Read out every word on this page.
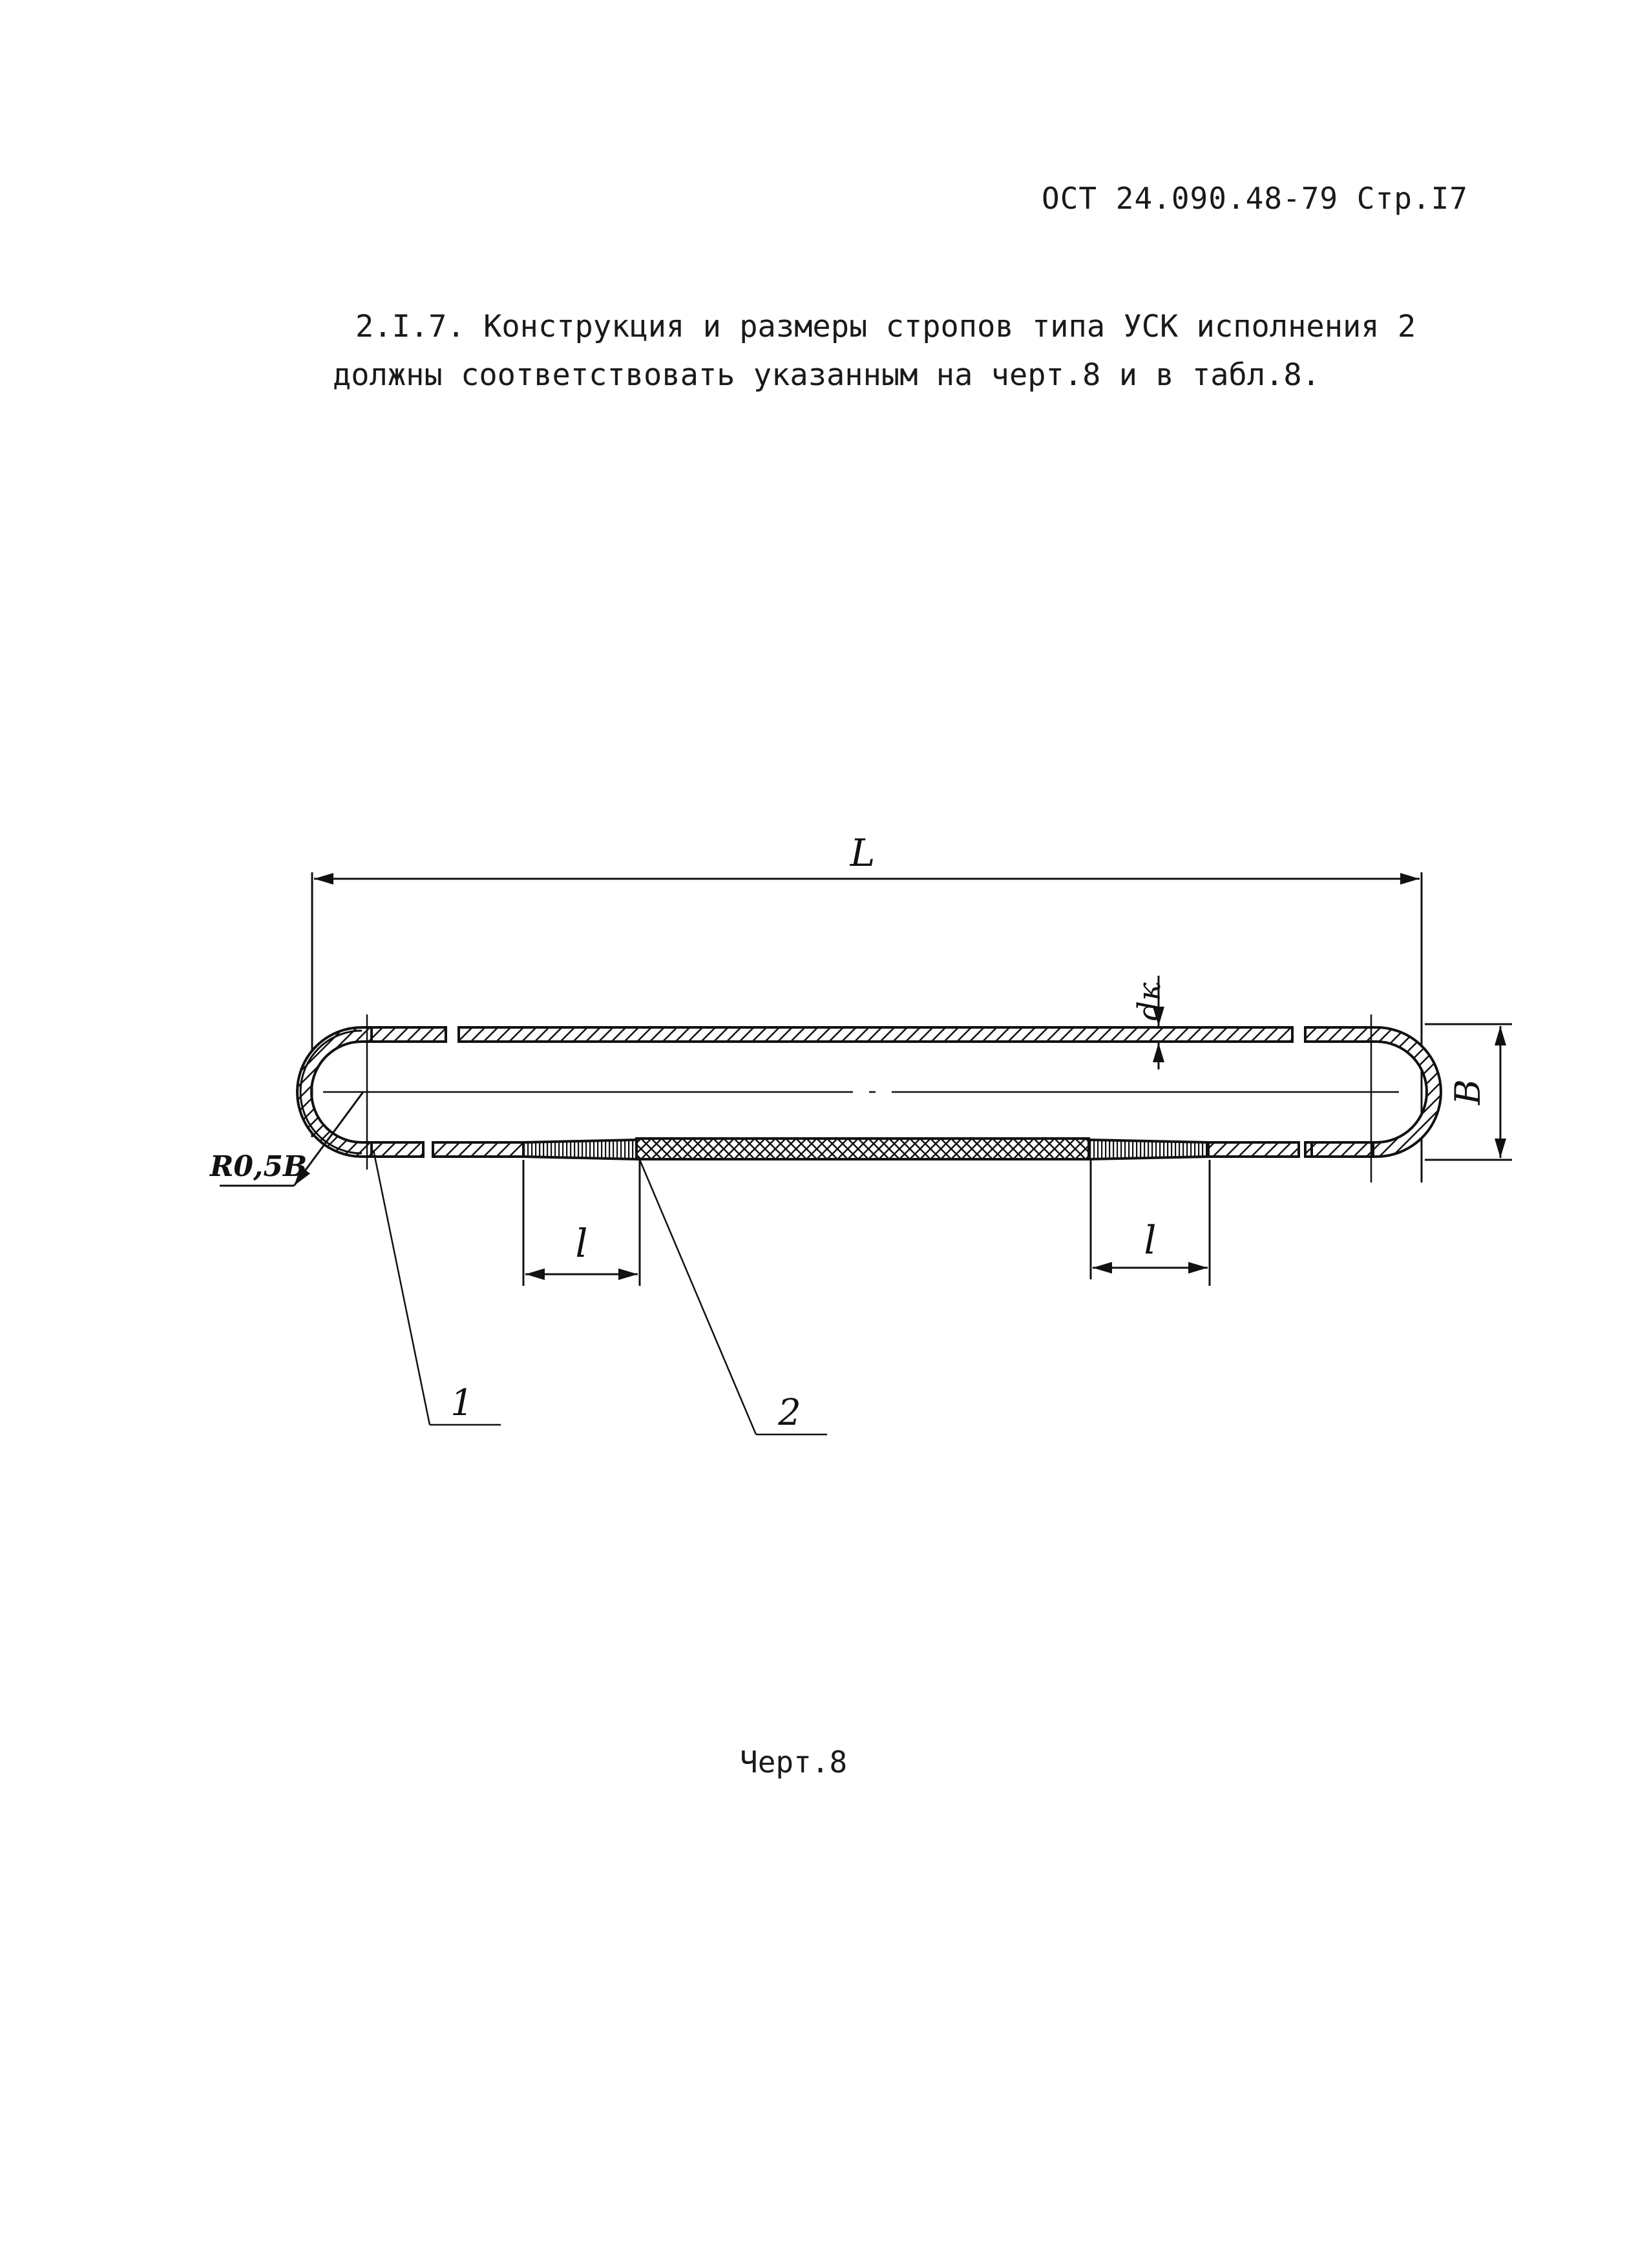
ОСТ 24.090.48-79 Стр.I7
2.I.7. Конструкция и размеры стропов типа УСК исполнения 2
должны соответствовать указанным на черт.8 и в табл.8.
L
dк
B
R0,5B
l	l
1	2
Черт.8
